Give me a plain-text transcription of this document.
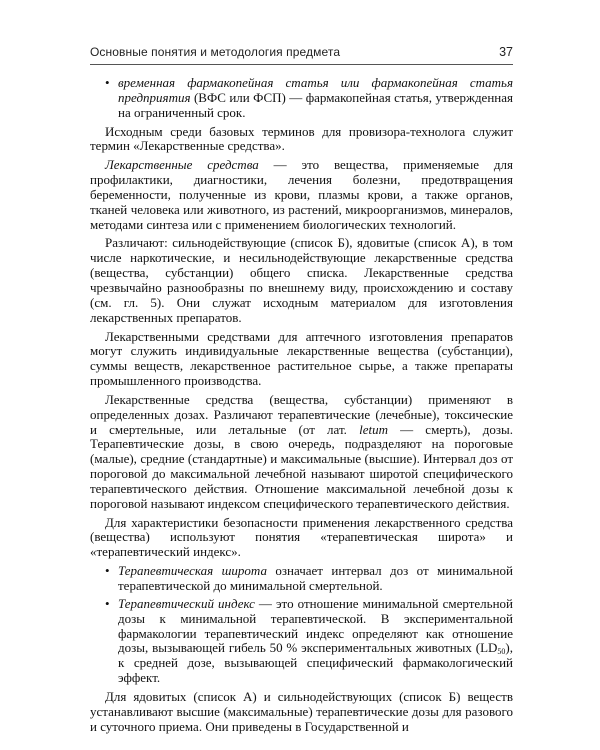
Основные понятия и методология предмета	37

• временная фармакопейная статья или фармакопейная статья предприятия (ВФС или ФСП) — фармакопейная статья, утвержденная на ограниченный срок.

Исходным среди базовых терминов для провизора-технолога служит термин «Лекарственные средства».

Лекарственные средства — это вещества, применяемые для профилактики, диагностики, лечения болезни, предотвращения беременности, полученные из крови, плазмы крови, а также органов, тканей человека или животного, из растений, микроорганизмов, минералов, методами синтеза или с применением биологических технологий.

Различают: сильнодействующие (список Б), ядовитые (список А), в том числе наркотические, и несильнодействующие лекарственные средства (вещества, субстанции) общего списка. Лекарственные средства чрезвычайно разнообразны по внешнему виду, происхождению и составу (см. гл. 5). Они служат исходным материалом для изготовления лекарственных препаратов.

Лекарственными средствами для аптечного изготовления препаратов могут служить индивидуальные лекарственные вещества (субстанции), суммы веществ, лекарственное растительное сырье, а также препараты промышленного производства.

Лекарственные средства (вещества, субстанции) применяют в определенных дозах. Различают терапевтические (лечебные), токсические и смертельные, или летальные (от лат. letum — смерть), дозы. Терапевтические дозы, в свою очередь, подразделяют на пороговые (малые), средние (стандартные) и максимальные (высшие). Интервал доз от пороговой до максимальной лечебной называют широтой специфического терапевтического действия. Отношение максимальной лечебной дозы к пороговой называют индексом специфического терапевтического действия.

Для характеристики безопасности применения лекарственного средства (вещества) используют понятия «терапевтическая широта» и «терапевтический индекс».

• Терапевтическая широта означает интервал доз от минимальной терапевтической до минимальной смертельной.

• Терапевтический индекс — это отношение минимальной смертельной дозы к минимальной терапевтической. В экспериментальной фармакологии терапевтический индекс определяют как отношение дозы, вызывающей гибель 50 % экспериментальных животных $(LD_{50})$, к средней дозе, вызывающей специфический фармакологический эффект.

Для ядовитых (список А) и сильнодействующих (список Б) веществ устанавливают высшие (максимальные) терапевтические дозы для разового и суточного приема. Они приведены в Государственной и
